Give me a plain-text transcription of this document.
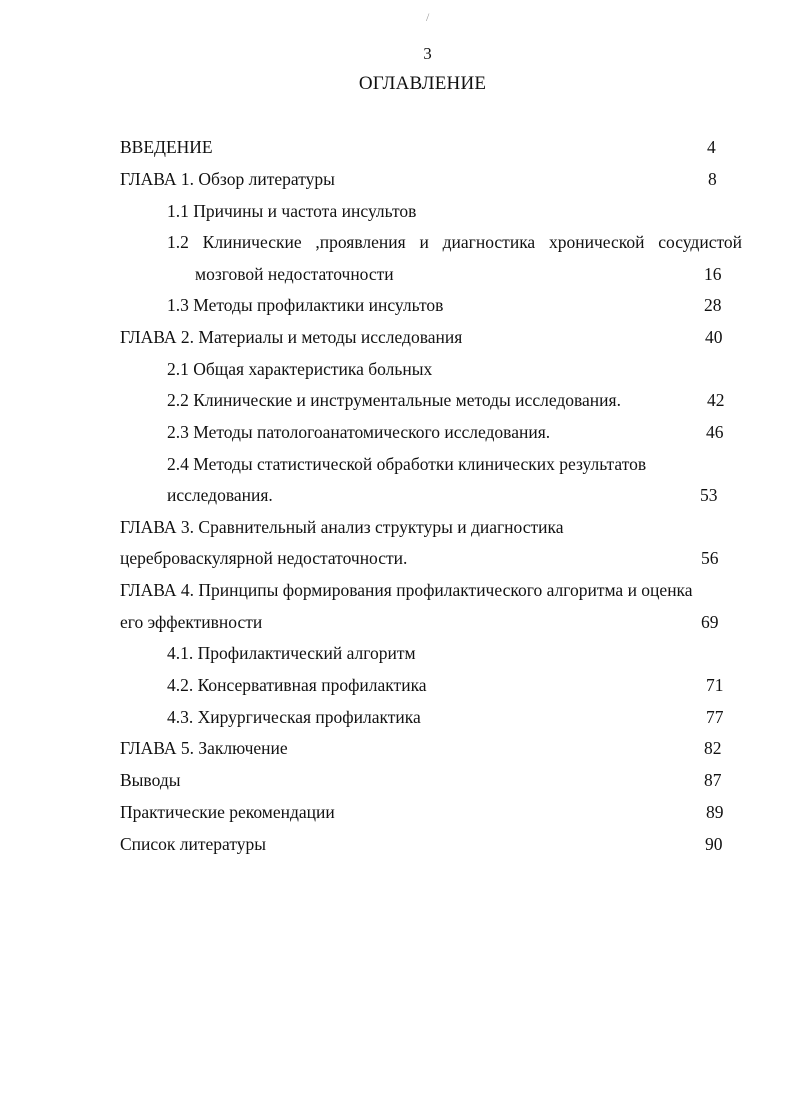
/
3
ОГЛАВЛЕНИЕ
ВВЕДЕНИЕ	4
ГЛАВА 1. Обзор литературы	8
1.1 Причины и частота инсультов
1.2 Клинические ,проявления и диагностика хронической сосудистой
мозговой недостаточности	16
1.3 Методы профилактики инсультов	28
ГЛАВА 2. Материалы и методы исследования	40
2.1 Общая характеристика больных
2.2 Клинические и инструментальные методы исследования.	42
2.3 Методы патологоанатомического исследования.	46
2.4 Методы статистической обработки клинических результатов
исследования.	53
ГЛАВА 3. Сравнительный анализ структуры и диагностика
цереброваскулярной недостаточности.	56
ГЛАВА 4. Принципы формирования профилактического алгоритма и оценка
его эффективности	69
4.1. Профилактический алгоритм
4.2. Консервативная профилактика	71
4.3. Хирургическая профилактика	77
ГЛАВА 5. Заключение	82
Выводы	87
Практические рекомендации	89
Список литературы	90
